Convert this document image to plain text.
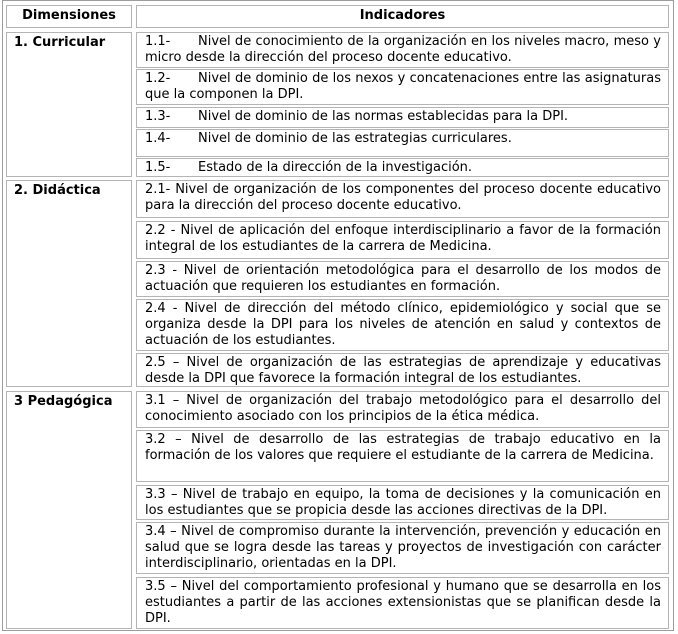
Dimensiones	Indicadores
1. Curricular	1.1- Nivel de conocimiento de la organización en los niveles macro, meso y micro desde la dirección del proceso docente educativo.
1.2- Nivel de dominio de los nexos y concatenaciones entre las asignaturas que la componen la DPI.
1.3- Nivel de dominio de las normas establecidas para la DPI.
1.4- Nivel de dominio de las estrategias curriculares.
1.5- Estado de la dirección de la investigación.
2. Didáctica	2.1- Nivel de organización de los componentes del proceso docente educativo para la dirección del proceso docente educativo.
2.2 - Nivel de aplicación del enfoque interdisciplinario a favor de la formación integral de los estudiantes de la carrera de Medicina.
2.3 - Nivel de orientación metodológica para el desarrollo de los modos de actuación que requieren los estudiantes en formación.
2.4 - Nivel de dirección del método clínico, epidemiológico y social que se organiza desde la DPI para los niveles de atención en salud y contextos de actuación de los estudiantes.
2.5 – Nivel de organización de las estrategias de aprendizaje y educativas desde la DPI que favorece la formación integral de los estudiantes.
3 Pedagógica	3.1 – Nivel de organización del trabajo metodológico para el desarrollo del conocimiento asociado con los principios de la ética médica.
3.2 – Nivel de desarrollo de las estrategias de trabajo educativo en la formación de los valores que requiere el estudiante de la carrera de Medicina.
3.3 – Nivel de trabajo en equipo, la toma de decisiones y la comunicación en los estudiantes que se propicia desde las acciones directivas de la DPI.
3.4 – Nivel de compromiso durante la intervención, prevención y educación en salud que se logra desde las tareas y proyectos de investigación con carácter interdisciplinario, orientadas en la DPI.
3.5 – Nivel del comportamiento profesional y humano que se desarrolla en los estudiantes a partir de las acciones extensionistas que se planifican desde la DPI.
